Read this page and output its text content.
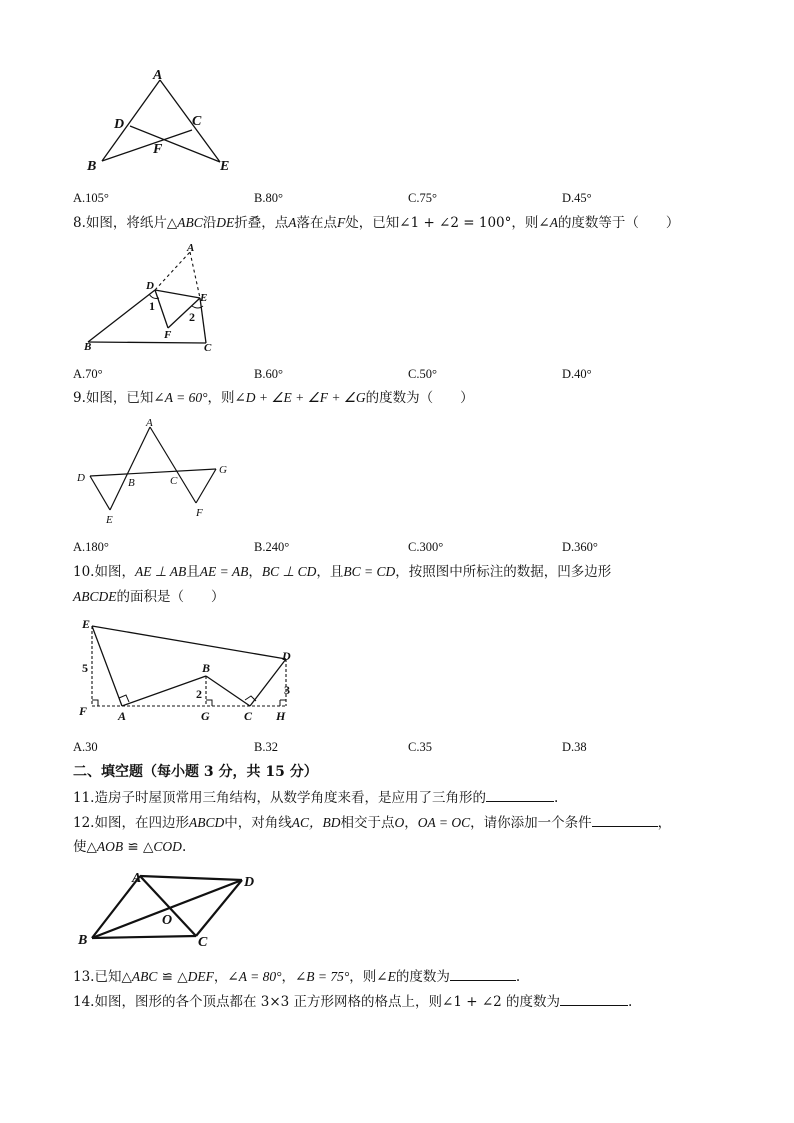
A
D	C
F
B	E
A.105°	B.80°	C.75°	D.45°
8.如图，将纸片△ABC沿DE折叠，点A落在点F处，已知∠1 + ∠2 = 100°，则∠A的度数等于（　　）
A
D
E
1
2
F
B	C
A.70°	B.60°	C.50°	D.40°
9.如图，已知∠A = 60°，则∠D + ∠E + ∠F + ∠G的度数为（　　）
A
D	B	C
G
E
F
A.180°	B.240°	C.300°	D.360°
10.如图，AE ⊥ AB且AE = AB，BC ⊥ CD，且BC = CD，按照图中所标注的数据，凹多边形
ABCDE的面积是（　　）
E
5	B
2
D
3
F	A	G	C H
A.30	B.32	C.35	D.38
二、填空题（每小题 3 分，共 15 分）
11.造房子时屋顶常用三角结构，从数学角度来看，是应用了三角形的	.
12.如图，在四边形ABCD中，对角线AC，BD相交于点O，OA = OC，请你添加一个条件	，
使△AOB ≌ △COD.
A	D
O
B	C
13.已知△ABC ≌ △DEF，∠A = 80°，∠B = 75°，则∠E的度数为	.
14.如图，图形的各个顶点都在 3×3 正方形网格的格点上，则∠1 + ∠2 的度数为	.
